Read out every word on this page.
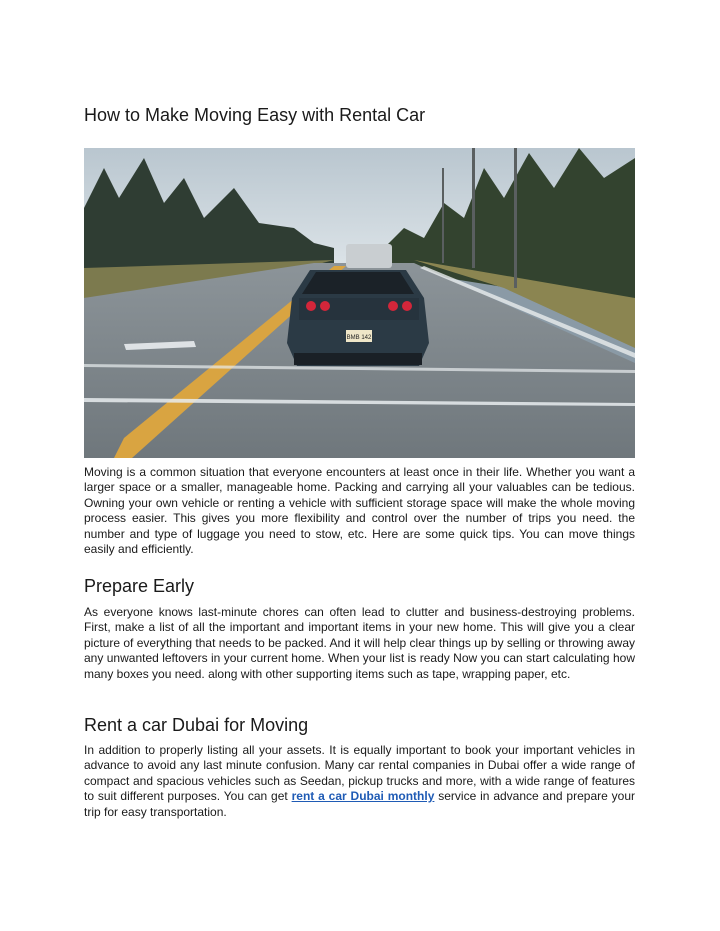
How to Make Moving Easy with Rental Car
BMB 142

Moving is a common situation that everyone encounters at least once in their life. Whether you want a larger space or a smaller, manageable home. Packing and carrying all your valuables can be tedious. Owning your own vehicle or renting a vehicle with sufficient storage space will make the whole moving process easier. This gives you more flexibility and control over the number of trips you need. the number and type of luggage you need to stow, etc. Here are some quick tips. You can move things easily and efficiently.

Prepare Early

As everyone knows last-minute chores can often lead to clutter and business-destroying problems. First, make a list of all the important and important items in your new home. This will give you a clear picture of everything that needs to be packed. And it will help clear things up by selling or throwing away any unwanted leftovers in your current home. When your list is ready Now you can start calculating how many boxes you need. along with other supporting items such as tape, wrapping paper, etc.

Rent a car Dubai for Moving

In addition to properly listing all your assets. It is equally important to book your important vehicles in advance to avoid any last minute confusion. Many car rental companies in Dubai offer a wide range of compact and spacious vehicles such as Seedan, pickup trucks and more, with a wide range of features to suit different purposes. You can get rent a car Dubai monthly service in advance and prepare your trip for easy transportation.
